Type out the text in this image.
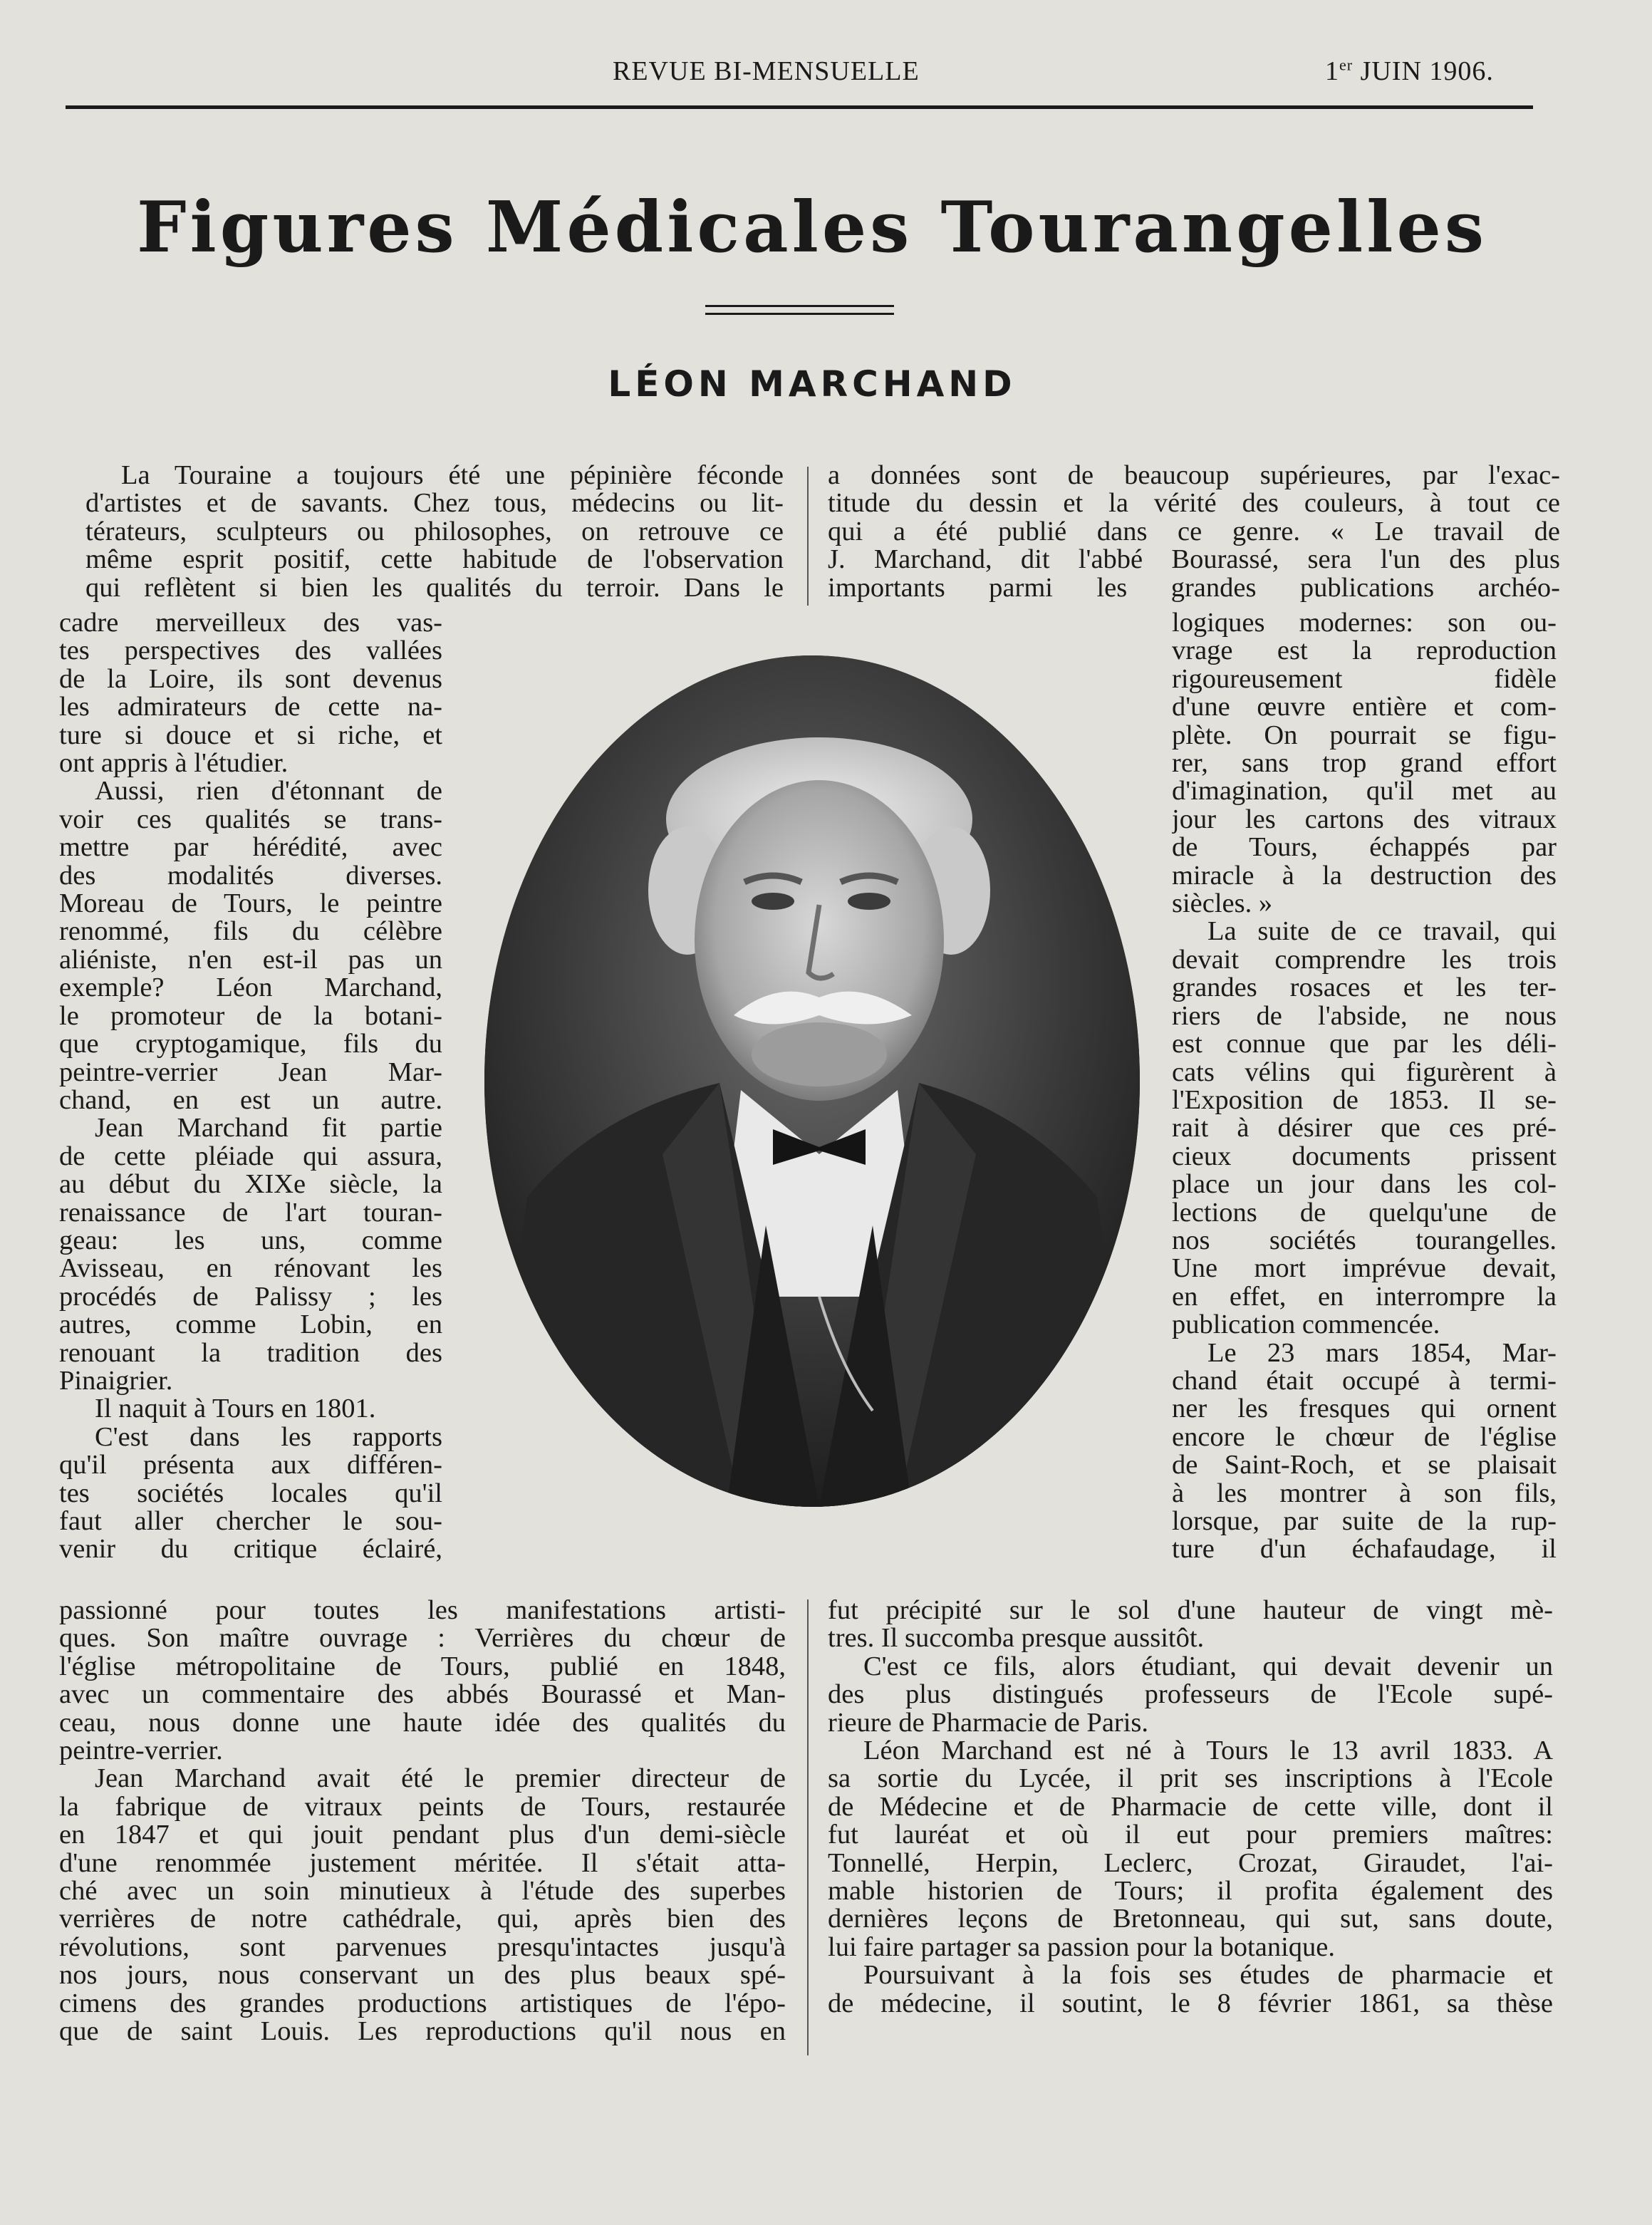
REVUE BI-MENSUELLE	1er JUIN 1906.
Figures Médicales Tourangelles
LÉON MARCHAND
La Touraine a toujours été une pépinière féconde
d'artistes et de savants. Chez tous, médecins ou lit-
térateurs, sculpteurs ou philosophes, on retrouve ce
même esprit positif, cette habitude de l'observation
qui reflètent si bien les qualités du terroir. Dans le
a données sont de beaucoup supérieures, par l'exac-
titude du dessin et la vérité des couleurs, à tout ce
qui a été publié dans ce genre. « Le travail de
J. Marchand, dit l'abbé Bourassé, sera l'un des plus
importants parmi les grandes publications archéo-
cadre merveilleux des vas-
tes perspectives des vallées
de la Loire, ils sont devenus
les admirateurs de cette na-
ture si douce et si riche, et
ont appris à l'étudier.
Aussi, rien d'étonnant de
voir ces qualités se trans-
mettre par hérédité, avec
des modalités diverses.
Moreau de Tours, le peintre
renommé, fils du célèbre
aliéniste, n'en est-il pas un
exemple? Léon Marchand,
le promoteur de la botani-
que cryptogamique, fils du
peintre-verrier Jean Mar-
chand, en est un autre.
Jean Marchand fit partie
de cette pléiade qui assura,
au début du XIXe siècle, la
renaissance de l'art touran-
geau: les uns, comme
Avisseau, en rénovant les
procédés de Palissy ; les
autres, comme Lobin, en
renouant la tradition des
Pinaigrier.
Il naquit à Tours en 1801.
C'est dans les rapports
qu'il présenta aux différen-
tes sociétés locales qu'il
faut aller chercher le sou-
venir du critique éclairé,
logiques modernes: son ou-
vrage est la reproduction
rigoureusement fidèle
d'une œuvre entière et com-
plète. On pourrait se figu-
rer, sans trop grand effort
d'imagination, qu'il met au
jour les cartons des vitraux
de Tours, échappés par
miracle à la destruction des
siècles. »
La suite de ce travail, qui
devait comprendre les trois
grandes rosaces et les ter-
riers de l'abside, ne nous
est connue que par les déli-
cats vélins qui figurèrent à
l'Exposition de 1853. Il se-
rait à désirer que ces pré-
cieux documents prissent
place un jour dans les col-
lections de quelqu'une de
nos sociétés tourangelles.
Une mort imprévue devait,
en effet, en interrompre la
publication commencée.
Le 23 mars 1854, Mar-
chand était occupé à termi-
ner les fresques qui ornent
encore le chœur de l'église
de Saint-Roch, et se plaisait
à les montrer à son fils,
lorsque, par suite de la rup-
ture d'un échafaudage, il
passionné pour toutes les manifestations artisti-
ques. Son maître ouvrage : Verrières du chœur de
l'église métropolitaine de Tours, publié en 1848,
avec un commentaire des abbés Bourassé et Man-
ceau, nous donne une haute idée des qualités du
peintre-verrier.
Jean Marchand avait été le premier directeur de
la fabrique de vitraux peints de Tours, restaurée
en 1847 et qui jouit pendant plus d'un demi-siècle
d'une renommée justement méritée. Il s'était atta-
ché avec un soin minutieux à l'étude des superbes
verrières de notre cathédrale, qui, après bien des
révolutions, sont parvenues presqu'intactes jusqu'à
nos jours, nous conservant un des plus beaux spé-
cimens des grandes productions artistiques de l'épo-
que de saint Louis. Les reproductions qu'il nous en
fut précipité sur le sol d'une hauteur de vingt mè-
tres. Il succomba presque aussitôt.
C'est ce fils, alors étudiant, qui devait devenir un
des plus distingués professeurs de l'Ecole supé-
rieure de Pharmacie de Paris.
Léon Marchand est né à Tours le 13 avril 1833. A
sa sortie du Lycée, il prit ses inscriptions à l'Ecole
de Médecine et de Pharmacie de cette ville, dont il
fut lauréat et où il eut pour premiers maîtres:
Tonnellé, Herpin, Leclerc, Crozat, Giraudet, l'ai-
mable historien de Tours; il profita également des
dernières leçons de Bretonneau, qui sut, sans doute,
lui faire partager sa passion pour la botanique.
Poursuivant à la fois ses études de pharmacie et
de médecine, il soutint, le 8 février 1861, sa thèse
